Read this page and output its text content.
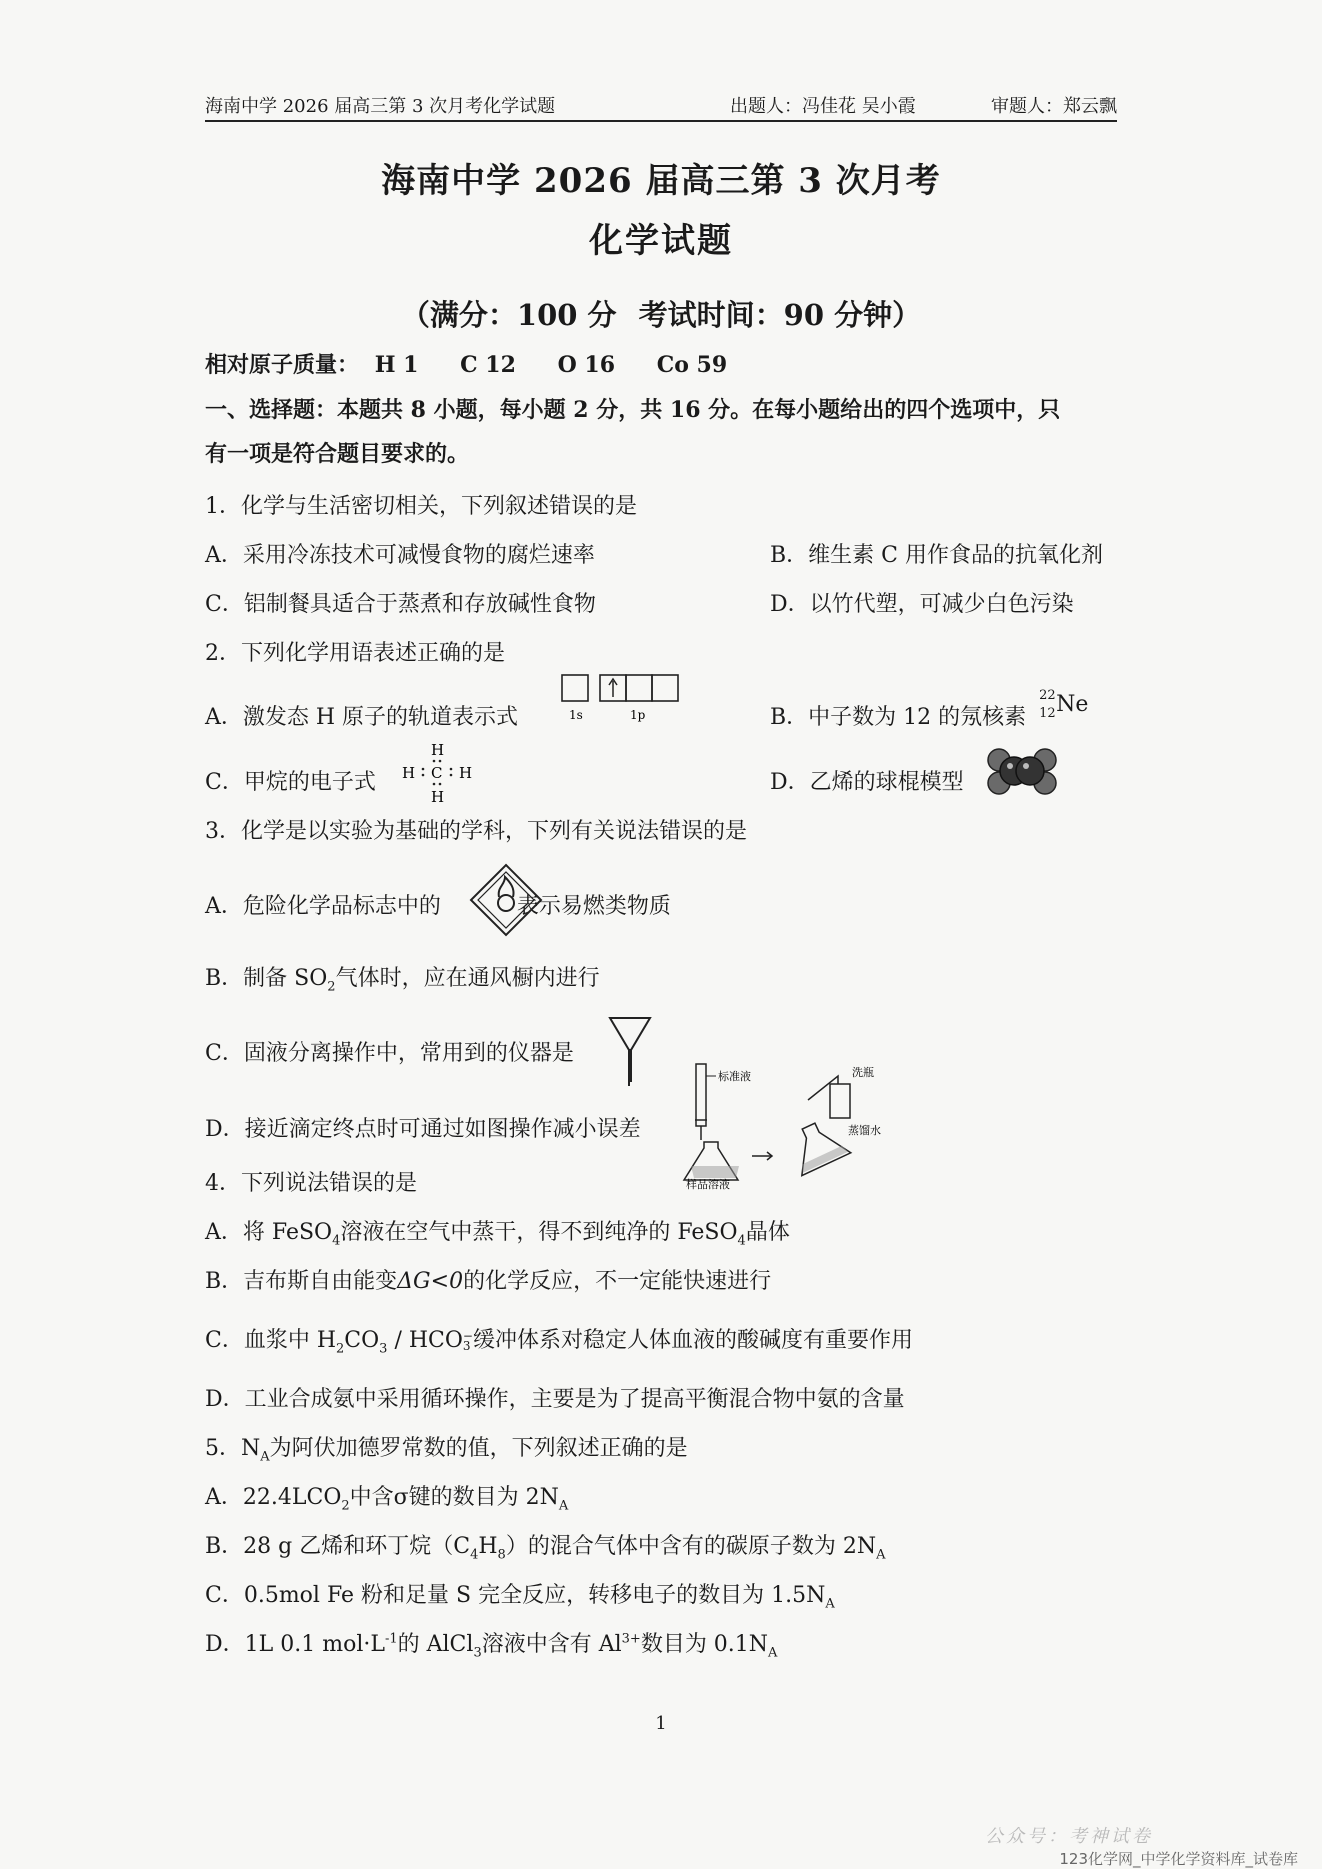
海南中学 2026 届高三第 3 次月考化学试题	出题人：冯佳花 吴小霞	审题人：郑云飘
海南中学 2026 届高三第 3 次月考
化学试题
（满分：100 分 考试时间：90 分钟）
相对原子质量： H 1 C 12 O 16 Co 59
一、选择题：本题共 8 小题，每小题 2 分，共 16 分。在每小题给出的四个选项中，只
有一项是符合题目要求的。
1．化学与生活密切相关，下列叙述错误的是
A．采用冷冻技术可减慢食物的腐烂速率	B．维生素 C 用作食品的抗氧化剂
C．铝制餐具适合于蒸煮和存放碱性食物	D．以竹代塑，可减少白色污染
2．下列化学用语表述正确的是
A．激发态 H 原子的轨道表示式	1s	1p	B．中子数为 12 的氖核素
22
12 Ne
C．甲烷的电子式
H
H C H
H
D．乙烯的球棍模型
3．化学是以实验为基础的学科，下列有关说法错误的是
A．危险化学品标志中的	表示易燃类物质
B．制备 $SO_2$气体时，应在通风橱内进行
C．固液分离操作中，常用到的仪器是
D．接近滴定终点时可通过如图操作减小误差
标准液
样品溶液
洗瓶
蒸馏水
4．下列说法错误的是
A．将 FeSO$_4$溶液在空气中蒸干，得不到纯净的 FeSO$_4$晶体
B．吉布斯自由能变ΔG<0的化学反应，不一定能快速进行
C．血浆中 $H_2CO_3$ / HCO −
3 缓冲体系对稳定人体血液的酸碱度有重要作用
D．工业合成氨中采用循环操作，主要是为了提高平衡混合物中氨的含量
5．$N_A$为阿伏加德罗常数的值，下列叙述正确的是
A．$22.4LCO_2$中含σ键的数目为 $2N_A$
B．28 g 乙烯和环丁烷$(C_4H_8)$的混合气体中含有的碳原子数为 $2N_A$
C．0.5mol Fe 粉和足量 S 完全反应，转移电子的数目为 $1.5N_A$
D．1L 0.1 $mol\cdot L^{-1}$的 AlCl$_3$溶液中含有 $Al^{3+}$数目为 $0.1N_A$
1
公众号：考神试卷
123化学网_中学化学资料库_试卷库
